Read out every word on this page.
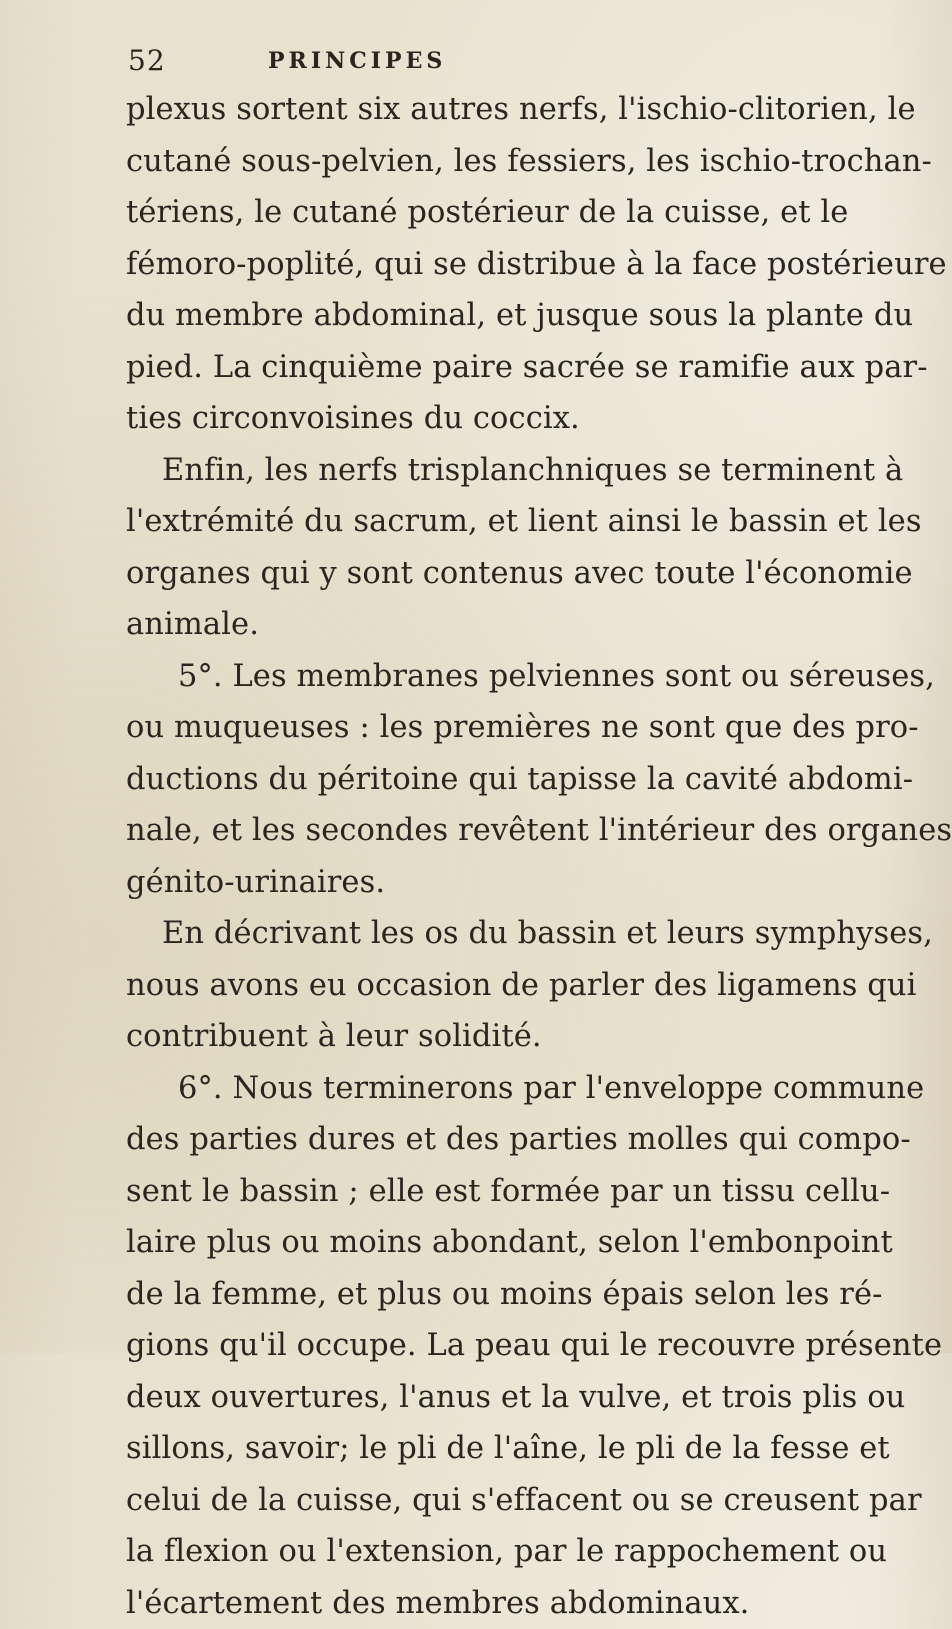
52	PRINCIPES
plexus sortent six autres nerfs, l'ischio-clitorien, le
cutané sous-pelvien, les fessiers, les ischio-trochan-
tériens, le cutané postérieur de la cuisse, et le
fémoro-poplité, qui se distribue à la face postérieure
du membre abdominal, et jusque sous la plante du
pied. La cinquième paire sacrée se ramifie aux par-
ties circonvoisines du coccix.
Enfin, les nerfs trisplanchniques se terminent à
l'extrémité du sacrum, et lient ainsi le bassin et les
organes qui y sont contenus avec toute l'économie
animale.
5°. Les membranes pelviennes sont ou séreuses,
ou muqueuses : les premières ne sont que des pro-
ductions du péritoine qui tapisse la cavité abdomi-
nale, et les secondes revêtent l'intérieur des organes
génito-urinaires.
En décrivant les os du bassin et leurs symphyses,
nous avons eu occasion de parler des ligamens qui
contribuent à leur solidité.
6°. Nous terminerons par l'enveloppe commune
des parties dures et des parties molles qui compo-
sent le bassin ; elle est formée par un tissu cellu-
laire plus ou moins abondant, selon l'embonpoint
de la femme, et plus ou moins épais selon les ré-
gions qu'il occupe. La peau qui le recouvre présente
deux ouvertures, l'anus et la vulve, et trois plis ou
sillons, savoir; le pli de l'aîne, le pli de la fesse et
celui de la cuisse, qui s'effacent ou se creusent par
la flexion ou l'extension, par le rappochement ou
l'écartement des membres abdominaux.
